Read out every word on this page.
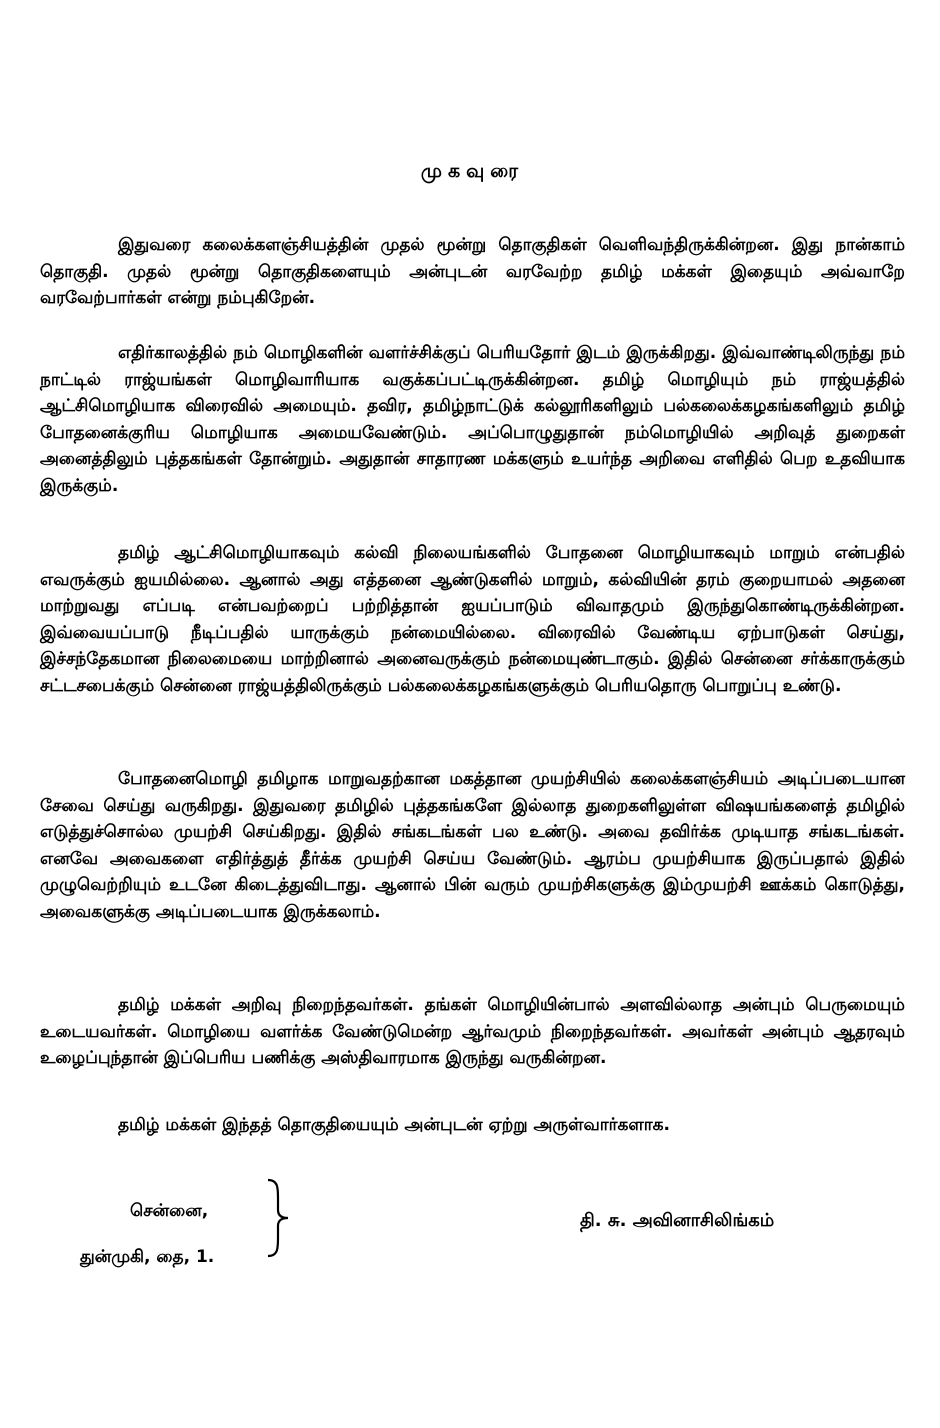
முகவுரை

இதுவரை கலைக்களஞ்சியத்தின் முதல் மூன்று தொகுதிகள் வெளிவந்திருக்கின்றன. இது நான்காம் தொகுதி. முதல் மூன்று தொகுதிகளையும் அன்புடன் வரவேற்ற தமிழ் மக்கள் இதையும் அவ்வாறே வரவேற்பார்கள் என்று நம்புகிறேன்.

எதிர்காலத்தில் நம் மொழிகளின் வளர்ச்சிக்குப் பெரியதோர் இடம் இருக்கிறது. இவ்வாண்டிலிருந்து நம் நாட்டில் ராஜ்யங்கள் மொழிவாரியாக வகுக்கப்பட்டிருக்கின்றன. தமிழ் மொழியும் நம் ராஜ்யத்தில் ஆட்சிமொழியாக விரைவில் அமையும். தவிர, தமிழ்நாட்டுக் கல்லூரிகளிலும் பல்கலைக்கழகங்களிலும் தமிழ் போதனைக்குரிய மொழியாக அமையவேண்டும். அப்பொழுதுதான் நம்மொழியில் அறிவுத் துறைகள் அனைத்திலும் புத்தகங்கள் தோன்றும். அதுதான் சாதாரண மக்களும் உயர்ந்த அறிவை எளிதில் பெற உதவியாக இருக்கும்.

தமிழ் ஆட்சிமொழியாகவும் கல்வி நிலையங்களில் போதனை மொழியாகவும் மாறும் என்பதில் எவருக்கும் ஐயமில்லை. ஆனால் அது எத்தனை ஆண்டுகளில் மாறும், கல்வியின் தரம் குறையாமல் அதனை மாற்றுவது எப்படி என்பவற்றைப் பற்றித்தான் ஐயப்பாடும் விவாதமும் இருந்துகொண்டிருக்கின்றன. இவ்வையப்பாடு நீடிப்பதில் யாருக்கும் நன்மையில்லை. விரைவில் வேண்டிய ஏற்பாடுகள் செய்து, இச்சந்தேகமான நிலைமையை மாற்றினால் அனைவருக்கும் நன்மையுண்டாகும். இதில் சென்னை சர்க்காருக்கும் சட்டசபைக்கும் சென்னை ராஜ்யத்திலிருக்கும் பல்கலைக்கழகங்களுக்கும் பெரியதொரு பொறுப்பு உண்டு.

போதனைமொழி தமிழாக மாறுவதற்கான மகத்தான முயற்சியில் கலைக்களஞ்சியம் அடிப்படையான சேவை செய்து வருகிறது. இதுவரை தமிழில் புத்தகங்களே இல்லாத துறைகளிலுள்ள விஷயங்களைத் தமிழில் எடுத்துச்சொல்ல முயற்சி செய்கிறது. இதில் சங்கடங்கள் பல உண்டு. அவை தவிர்க்க முடியாத சங்கடங்கள். எனவே அவைகளை எதிர்த்துத் தீர்க்க முயற்சி செய்ய வேண்டும். ஆரம்ப முயற்சியாக இருப்பதால் இதில் முழுவெற்றியும் உடனே கிடைத்துவிடாது. ஆனால் பின் வரும் முயற்சிகளுக்கு இம்முயற்சி ஊக்கம் கொடுத்து, அவைகளுக்கு அடிப்படையாக இருக்கலாம்.

தமிழ் மக்கள் அறிவு நிறைந்தவர்கள். தங்கள் மொழியின்பால் அளவில்லாத அன்பும் பெருமையும் உடையவர்கள். மொழியை வளர்க்க வேண்டுமென்ற ஆர்வமும் நிறைந்தவர்கள். அவர்கள் அன்பும் ஆதரவும் உழைப்புந்தான் இப்பெரிய பணிக்கு அஸ்திவாரமாக இருந்து வருகின்றன.

தமிழ் மக்கள் இந்தத் தொகுதியையும் அன்புடன் ஏற்று அருள்வார்களாக.

சென்னை,
துன்முகி, தை, 1.
தி. சு. அவினாசிலிங்கம்
